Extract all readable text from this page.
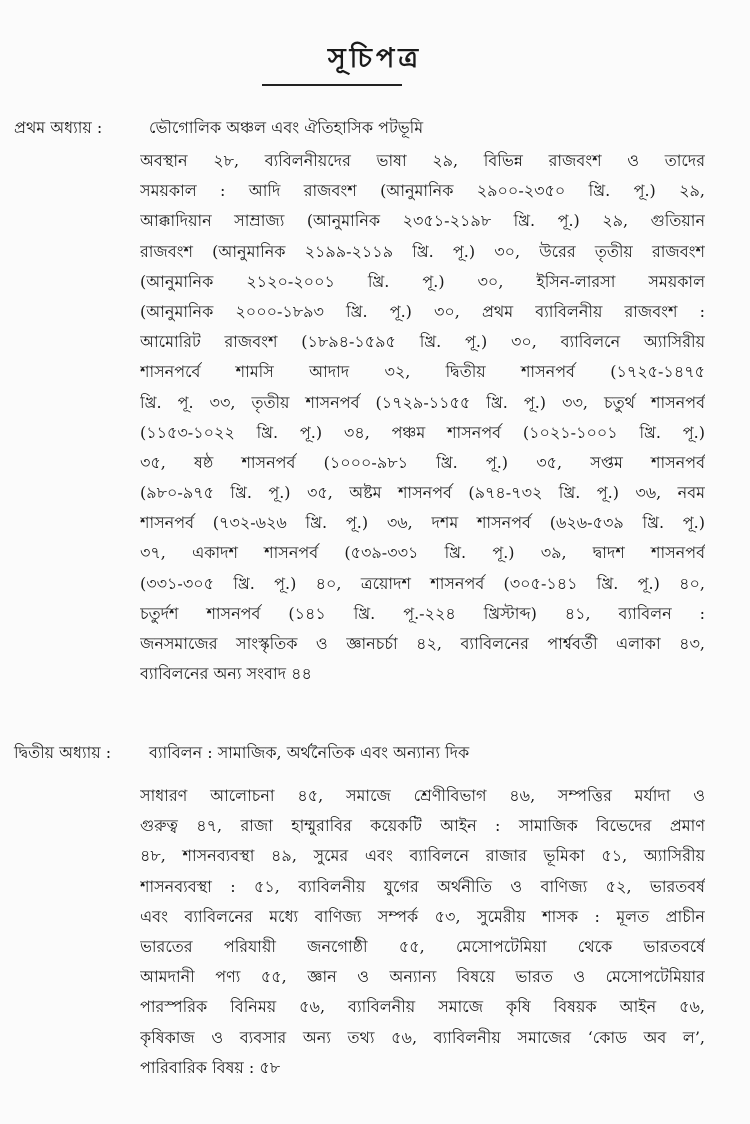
সূচিপত্র
প্রথম অধ্যায় :	ভৌগোলিক অঞ্চল এবং ঐতিহাসিক পটভূমি
অবস্থান ২৮, ব্যবিলনীয়দের ভাষা ২৯, বিভিন্ন রাজবংশ ও তাদের
সময়কাল : আদি রাজবংশ (আনুমানিক ২৯০০-২৩৫০ খ্রি. পূ.) ২৯,
আক্কাদিয়ান সাম্রাজ্য (আনুমানিক ২৩৫১-২১৯৮ খ্রি. পূ.) ২৯, গুতিয়ান
রাজবংশ (আনুমানিক ২১৯৯-২১১৯ খ্রি. পূ.) ৩০, উরের তৃতীয় রাজবংশ
(আনুমানিক ২১২০-২০০১ খ্রি. পূ.) ৩০, ইসিন-লারসা সময়কাল
(আনুমানিক ২০০০-১৮৯৩ খ্রি. পূ.) ৩০, প্রথম ব্যাবিলনীয় রাজবংশ :
আমোরিট রাজবংশ (১৮৯৪-১৫৯৫ খ্রি. পূ.) ৩০, ব্যাবিলনে অ্যাসিরীয়
শাসনপর্বে শামসি আদাদ ৩২, দ্বিতীয় শাসনপর্ব (১৭২৫-১৪৭৫
খ্রি. পূ. ৩৩, তৃতীয় শাসনপর্ব (১৭২৯-১১৫৫ খ্রি. পূ.) ৩৩, চতুর্থ শাসনপর্ব
(১১৫৩-১০২২ খ্রি. পূ.) ৩৪, পঞ্চম শাসনপর্ব (১০২১-১০০১ খ্রি. পূ.)
৩৫, ষষ্ঠ শাসনপর্ব (১০০০-৯৮১ খ্রি. পূ.) ৩৫, সপ্তম শাসনপর্ব
(৯৮০-৯৭৫ খ্রি. পূ.) ৩৫, অষ্টম শাসনপর্ব (৯৭৪-৭৩২ খ্রি. পূ.) ৩৬, নবম
শাসনপর্ব (৭৩২-৬২৬ খ্রি. পূ.) ৩৬, দশম শাসনপর্ব (৬২৬-৫৩৯ খ্রি. পূ.)
৩৭, একাদশ শাসনপর্ব (৫৩৯-৩৩১ খ্রি. পূ.) ৩৯, দ্বাদশ শাসনপর্ব
(৩৩১-৩০৫ খ্রি. পূ.) ৪০, ত্রয়োদশ শাসনপর্ব (৩০৫-১৪১ খ্রি. পূ.) ৪০,
চতুর্দশ শাসনপর্ব (১৪১ খ্রি. পূ.-২২৪ খ্রিস্টাব্দ) ৪১, ব্যাবিলন :
জনসমাজের সাংস্কৃতিক ও জ্ঞানচর্চা ৪২, ব্যাবিলনের পার্শ্ববর্তী এলাকা ৪৩,
ব্যাবিলনের অন্য সংবাদ ৪৪
দ্বিতীয় অধ্যায় : ব্যাবিলন : সামাজিক, অর্থনৈতিক এবং অন্যান্য দিক
সাধারণ আলোচনা ৪৫, সমাজে শ্রেণীবিভাগ ৪৬, সম্পত্তির মর্যাদা ও
গুরুত্ব ৪৭, রাজা হাম্মুরাবির কয়েকটি আইন : সামাজিক বিভেদের প্রমাণ
৪৮, শাসনব্যবস্থা ৪৯, সুমের এবং ব্যাবিলনে রাজার ভূমিকা ৫১, অ্যাসিরীয়
শাসনব্যবস্থা : ৫১, ব্যাবিলনীয় যুগের অর্থনীতি ও বাণিজ্য ৫২, ভারতবর্ষ
এবং ব্যাবিলনের মধ্যে বাণিজ্য সম্পর্ক ৫৩, সুমেরীয় শাসক : মূলত প্রাচীন
ভারতের পরিযায়ী জনগোষ্ঠী ৫৫, মেসোপটেমিয়া থেকে ভারতবর্ষে
আমদানী পণ্য ৫৫, জ্ঞান ও অন্যান্য বিষয়ে ভারত ও মেসোপটেমিয়ার
পারস্পরিক বিনিময় ৫৬, ব্যাবিলনীয় সমাজে কৃষি বিষয়ক আইন ৫৬,
কৃষিকাজ ও ব্যবসার অন্য তথ্য ৫৬, ব্যাবিলনীয় সমাজের ‘কোড অব ল’,
পারিবারিক বিষয় : ৫৮
